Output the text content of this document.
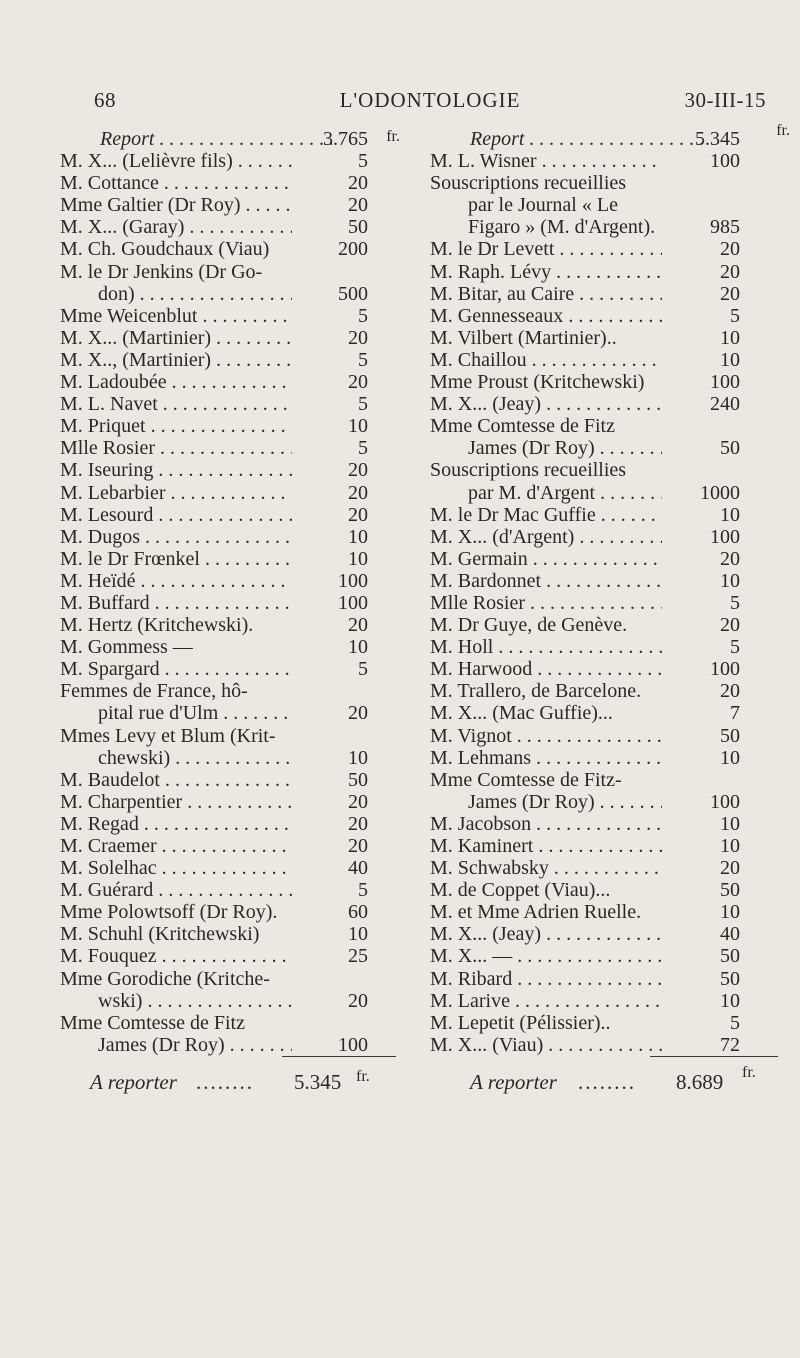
68	L'ODONTOLOGIE	30-III-15
Report . . .	3.765 fr.
M. X... (Lelièvre fils) . . .	5
M. Cottance . . .	20
Mme Galtier (Dr Roy) . . .	20
M. X... (Garay) . . .	50
M. Ch. Goudchaux (Viau)	200
M. le Dr Jenkins (Dr Go-
don) . . .	500
Mme Weicenblut . . .	5
M. X... (Martinier) . . .	20
M. X.., (Martinier) . . .	5
M. Ladoubée . . .	20
M. L. Navet . . .	5
M. Priquet . . .	10
Mlle Rosier . . .	5
M. Iseuring . . .	20
M. Lebarbier . . .	20
M. Lesourd . . .	20
M. Dugos . . .	10
M. le Dr Frœnkel . . .	10
M. Heïdé . . .	100
M. Buffard . . .	100
M. Hertz (Kritchewski).	20
M. Gommess —	10
M. Spargard . . .	5
Femmes de France, hô-
pital rue d'Ulm . . .	20
Mmes Levy et Blum (Krit-
chewski) . . .	10
M. Baudelot . . .	50
M. Charpentier . . .	20
M. Regad . . .	20
M. Craemer . . .	20
M. Solelhac . . .	40
M. Guérard . . .	5
Mme Polowtsoff (Dr Roy).	60
M. Schuhl (Kritchewski)	10
M. Fouquez . . .	25
Mme Gorodiche (Kritche-
wski) . . .	20
Mme Comtesse de Fitz
James (Dr Roy) . . .	100
Report . . .	5.345 fr.
M. L. Wisner . . .	100
Souscriptions recueillies
par le Journal « Le
Figaro » (M. d'Argent).	985
M. le Dr Levett . . .	20
M. Raph. Lévy . . .	20
M. Bitar, au Caire . . .	20
M. Gennesseaux . . .	5
M. Vilbert (Martinier)..	10
M. Chaillou . . .	10
Mme Proust (Kritchewski)	100
M. X... (Jeay) . . .	240
Mme Comtesse de Fitz
James (Dr Roy) . . .	50
Souscriptions recueillies
par M. d'Argent . . .	1000
M. le Dr Mac Guffie . . .	10
M. X... (d'Argent) . . .	100
M. Germain . . .	20
M. Bardonnet . . .	10
Mlle Rosier . . .	5
M. Dr Guye, de Genève.	20
M. Holl . . .	5
M. Harwood . . .	100
M. Trallero, de Barcelone.	20
M. X... (Mac Guffie)...	7
M. Vignot . . .	50
M. Lehmans . . .	10
Mme Comtesse de Fitz-
James (Dr Roy) . . .	100
M. Jacobson . . .	10
M. Kaminert . . .	10
M. Schwabsky . . .	20
M. de Coppet (Viau)...	50
M. et Mme Adrien Ruelle.	10
M. X... (Jeay) . . .	40
M. X... — . . .	50
M. Ribard . . .	50
M. Larive . . .	10
M. Lepetit (Pélissier)..	5
M. X... (Viau) . . .	72
A reporter ........ 5.345 fr.	A reporter ........ 8.689 fr.
